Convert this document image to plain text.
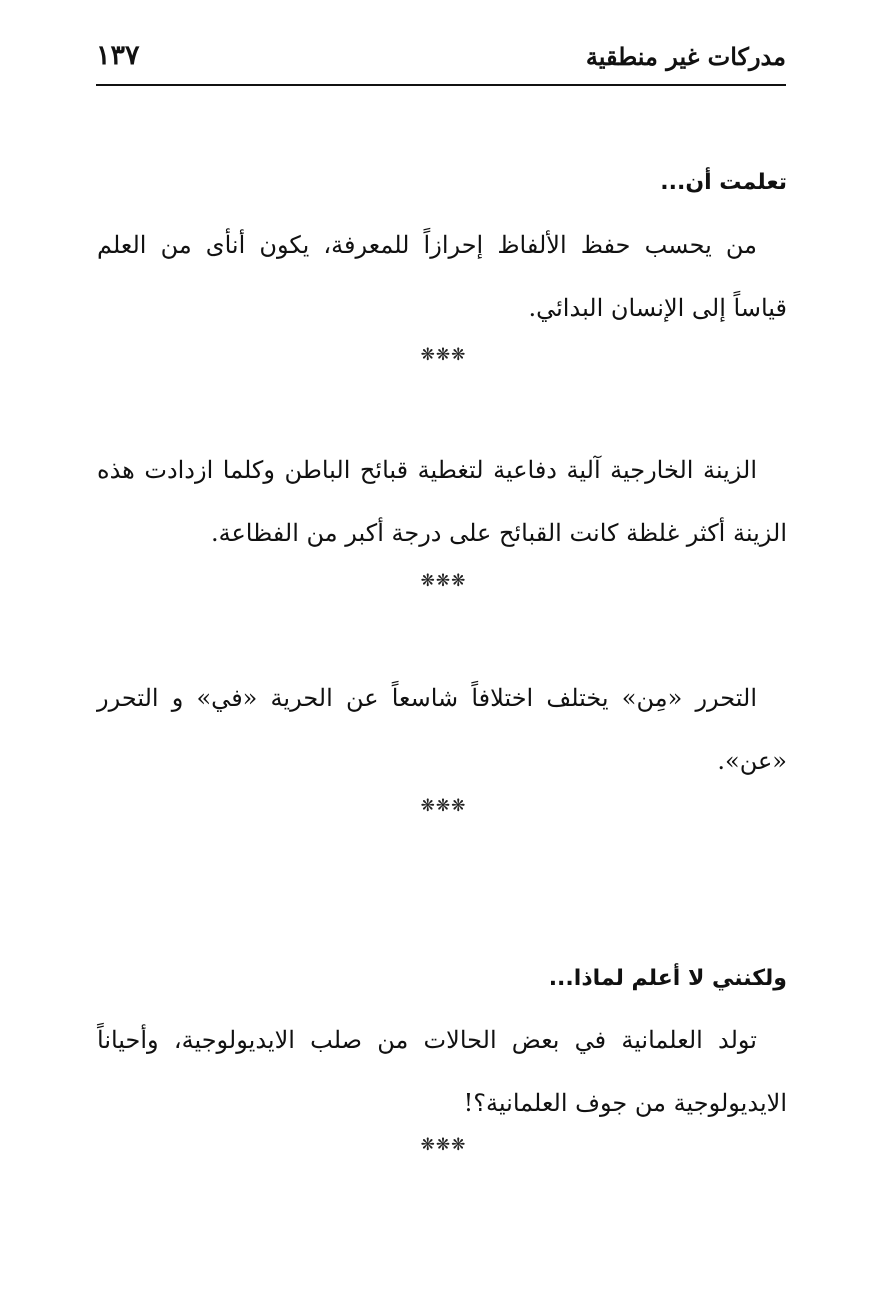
مدركات غير منطقية
١٣٧
تعلمت أن...
من يحسب حفظ الألفاظ إحرازاً للمعرفة، يكون أنأى من العلم قياساً إلى الإنسان البدائي.
❋❋❋
الزينة الخارجية آلية دفاعية لتغطية قبائح الباطن وكلما ازدادت هذه الزينة أكثر غلظة كانت القبائح على درجة أكبر من الفظاعة.
❋❋❋
التحرر «مِن» يختلف اختلافاً شاسعاً عن الحرية «في» و التحرر «عن».
❋❋❋
ولكنني لا أعلم لماذا...
تولد العلمانية في بعض الحالات من صلب الايديولوجية، وأحياناً الايديولوجية من جوف العلمانية؟!
❋❋❋
